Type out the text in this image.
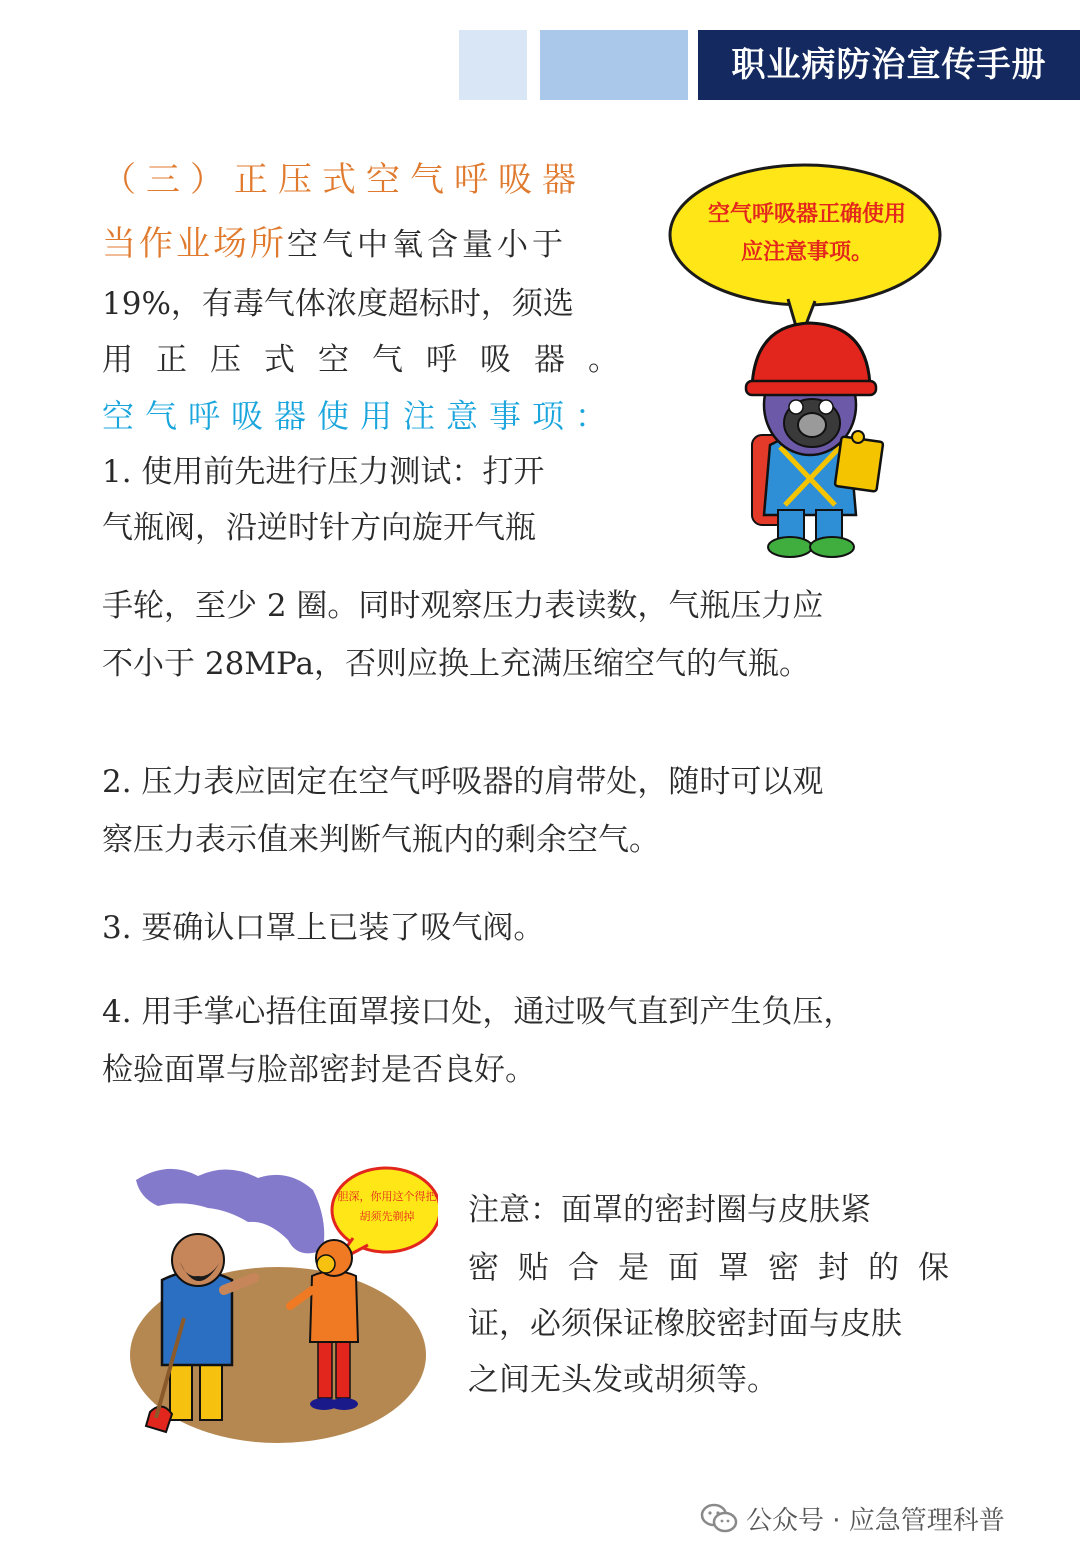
职业病防治宣传手册
（三）正压式空气呼吸器
当作业场所空气中氧含量小于
19%，有毒气体浓度超标时，须选
用正压式空气呼吸器。
空气呼吸器使用注意事项：
1. 使用前先进行压力测试：打开
气瓶阀，沿逆时针方向旋开气瓶
手轮，至少 2 圈。同时观察压力表读数，气瓶压力应
不小于 28MPa，否则应换上充满压缩空气的气瓶。
2. 压力表应固定在空气呼吸器的肩带处，随时可以观
察压力表示值来判断气瓶内的剩余空气。
3. 要确认口罩上已装了吸气阀。
4. 用手掌心捂住面罩接口处，通过吸气直到产生负压，
检验面罩与脸部密封是否良好。
空气呼吸器正确使用
应注意事项。
胆深，你用这个得把
胡须先剃掉	注意：面罩的密封圈与皮肤紧
密贴合是面罩密封的保
证，必须保证橡胶密封面与皮肤
之间无头发或胡须等。
公众号 · 应急管理科普
